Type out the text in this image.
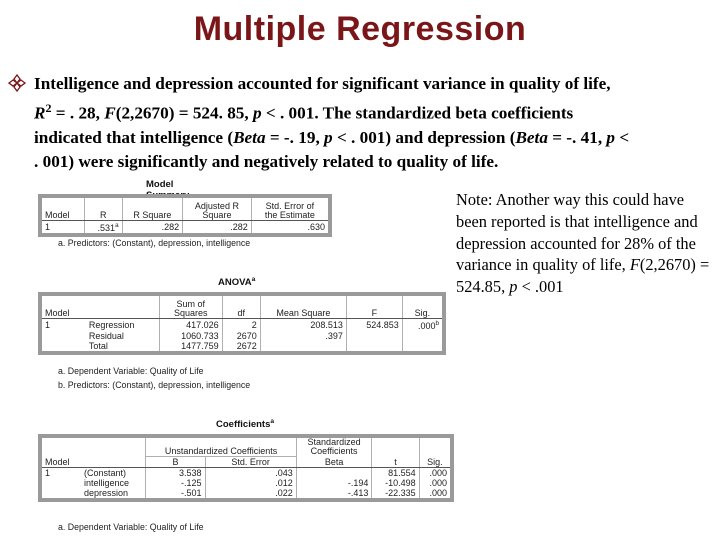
Multiple Regression
Intelligence and depression accounted for significant variance in quality of life,
$R^2$ = . 28, F(2,2670) = 524. 85, p < . 001. The standardized beta coefficients
indicated that intelligence (Beta = -. 19, p < . 001) and depression (Beta = -. 41, p <
. 001) were significantly and negatively related to quality of life.
Note: Another way this could have been reported is that intelligence and depression accounted for 28% of the variance in quality of life, F(2,2670) = 524.85, p < .001
Model
Model	R	R Square	Adjusted R
Square	Std. Error of
the Estimate
1	.531$^a$	.282	.282	.630
a. Predictors: (Constant), depression, intelligence
ANOVA$^a$
Model		Sum of
Squares	df	Mean Square	F	Sig.
1	Regression	417.026	2	208.513	524.853	.000$^b$
	Residual	1060.733	2670	.397		
	Total	1477.759	2672			
a. Dependent Variable: Quality of Life
b. Predictors: (Constant), depression, intelligence
Coefficients$^a$
		Unstandardized Coefficients		Standardized
Coefficients		
Model		B	Std. Error	Beta	t	Sig.
1	(Constant)	3.538	.043		81.554	.000
	intelligence	-.125	.012	-.194	-10.498	.000
	depression	-.501	.022	-.413	-22.335	.000
a. Dependent Variable: Quality of Life
